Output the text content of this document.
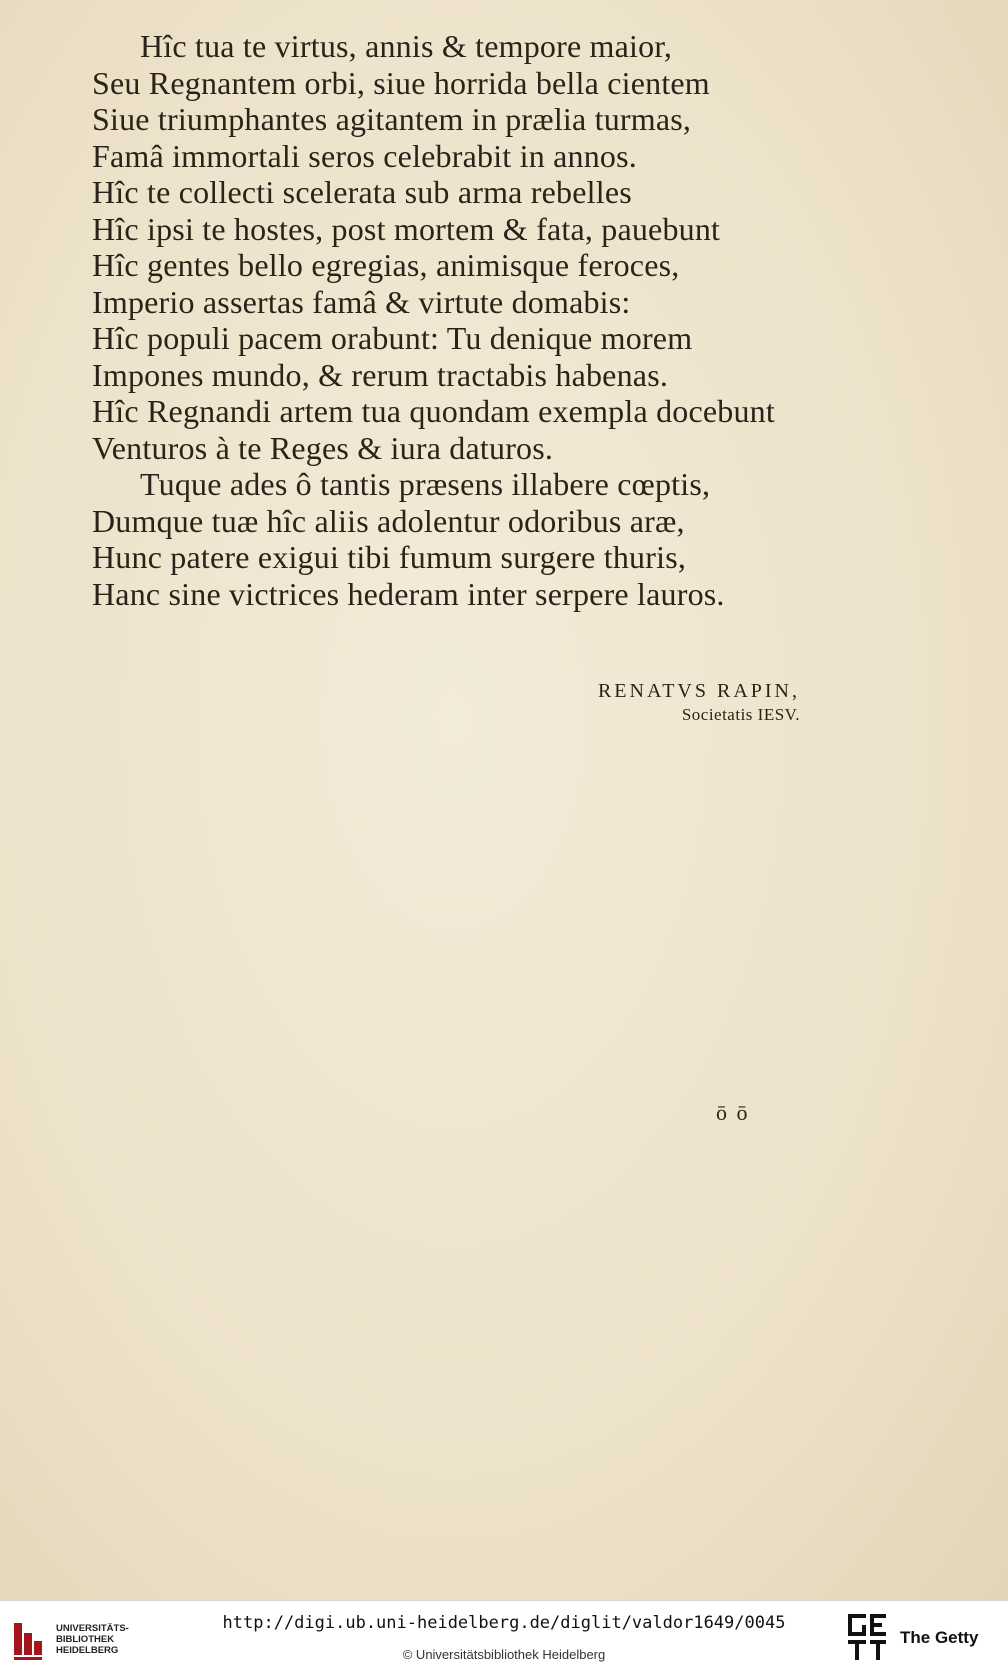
Hîc tua te virtus, annis & tempore maior,
Seu Regnantem orbi, siue horrida bella cientem
Siue triumphantes agitantem in prælia turmas,
Famâ immortali seros celebrabit in annos.
Hîc te collecti scelerata sub arma rebelles
Hîc ipsi te hostes, post mortem & fata, pauebunt
Hîc gentes bello egregias, animisque feroces,
Imperio assertas famâ & virtute domabis:
Hîc populi pacem orabunt: Tu denique morem
Impones mundo, & rerum tractabis habenas.
Hîc Regnandi artem tua quondam exempla docebunt
Venturos à te Reges & iura daturos.
Tuque ades ô tantis præsens illabere cœptis,
Dumque tuæ hîc aliis adolentur odoribus aræ,
Hunc patere exigui tibi fumum surgere thuris,
Hanc sine victrices hederam inter serpere lauros.
RENATVS RAPIN,
Societatis IESV.
ō ō
UNIVERSITÄTS-
BIBLIOTHEK
HEIDELBERG
http://digi.ub.uni-heidelberg.de/diglit/valdor1649/0045
© Universitätsbibliothek Heidelberg
The Getty
